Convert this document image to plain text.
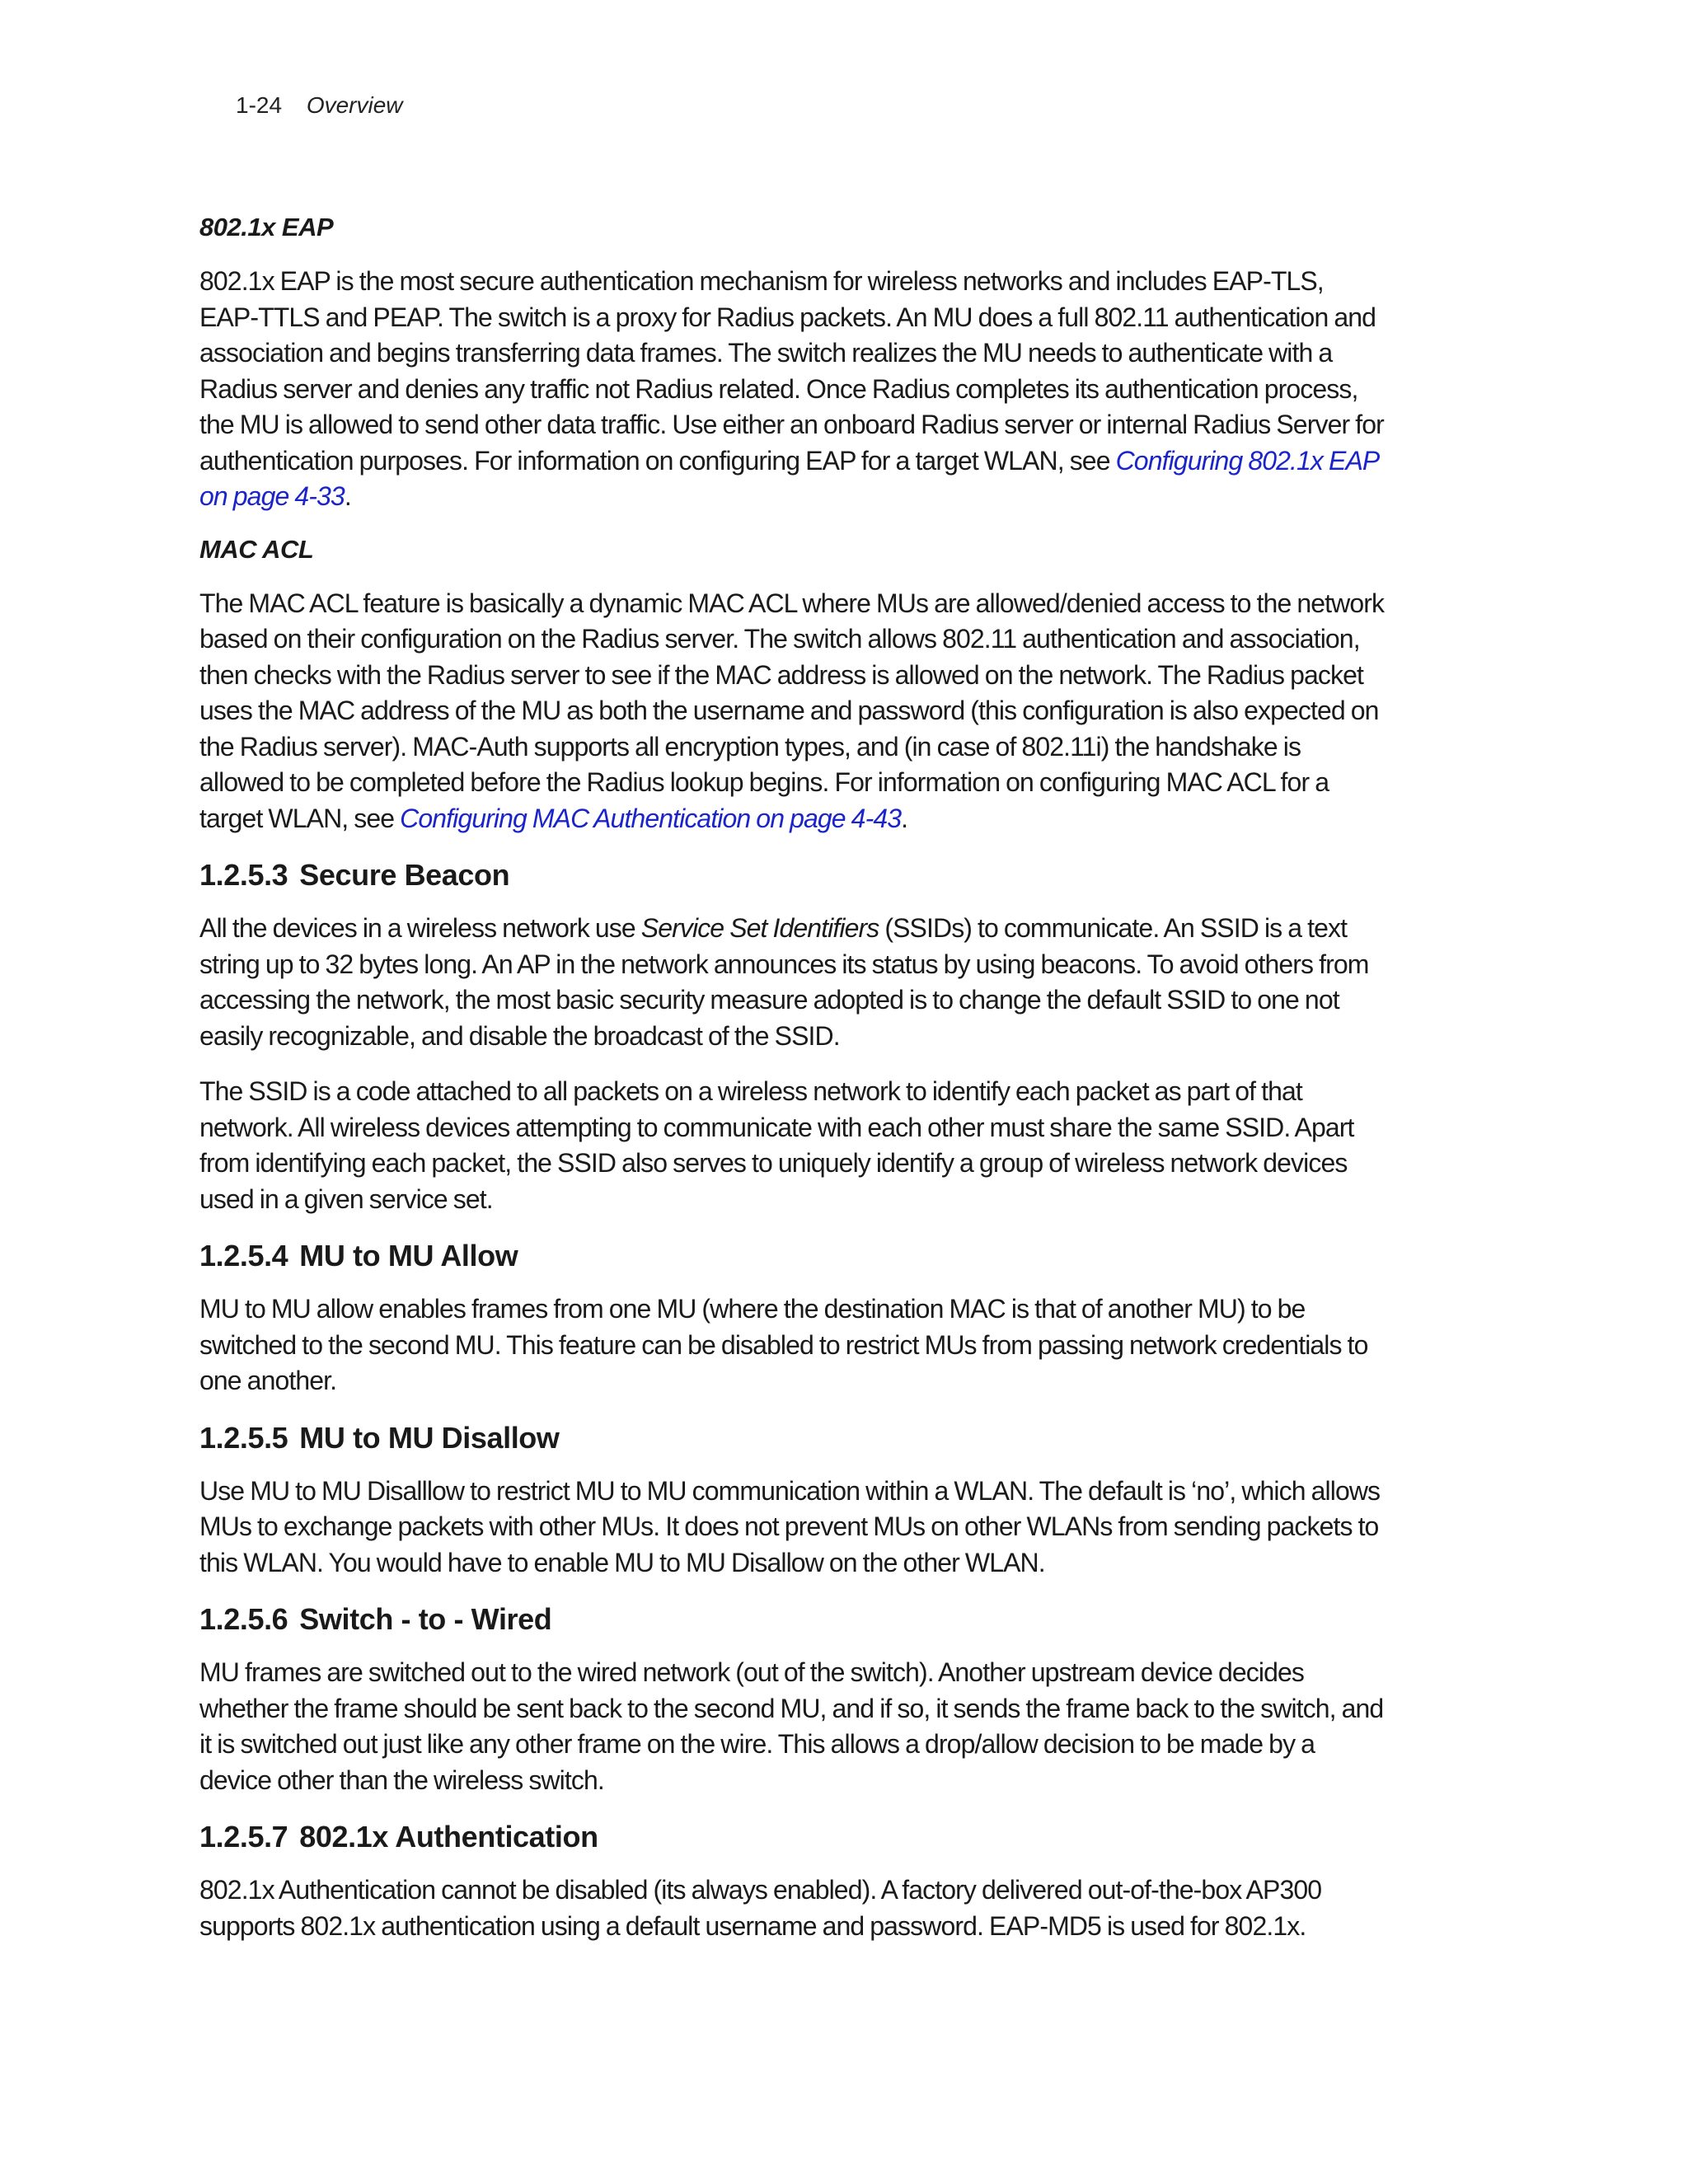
1-24 Overview
802.1x EAP

802.1x EAP is the most secure authentication mechanism for wireless networks and includes EAP-TLS, EAP-TTLS and PEAP. The switch is a proxy for Radius packets. An MU does a full 802.11 authentication and association and begins transferring data frames. The switch realizes the MU needs to authenticate with a Radius server and denies any traffic not Radius related. Once Radius completes its authentication process, the MU is allowed to send other data traffic. Use either an onboard Radius server or internal Radius Server for authentication purposes. For information on configuring EAP for a target WLAN, see Configuring 802.1x EAP on page 4-33.

MAC ACL

The MAC ACL feature is basically a dynamic MAC ACL where MUs are allowed/denied access to the network based on their configuration on the Radius server. The switch allows 802.11 authentication and association, then checks with the Radius server to see if the MAC address is allowed on the network. The Radius packet uses the MAC address of the MU as both the username and password (this configuration is also expected on the Radius server). MAC-Auth supports all encryption types, and (in case of 802.11i) the handshake is allowed to be completed before the Radius lookup begins. For information on configuring MAC ACL for a target WLAN, see Configuring MAC Authentication on page 4-43.

1.2.5.3 Secure Beacon

All the devices in a wireless network use Service Set Identifiers (SSIDs) to communicate. An SSID is a text string up to 32 bytes long. An AP in the network announces its status by using beacons. To avoid others from accessing the network, the most basic security measure adopted is to change the default SSID to one not easily recognizable, and disable the broadcast of the SSID.

The SSID is a code attached to all packets on a wireless network to identify each packet as part of that network. All wireless devices attempting to communicate with each other must share the same SSID. Apart from identifying each packet, the SSID also serves to uniquely identify a group of wireless network devices used in a given service set.

1.2.5.4 MU to MU Allow

MU to MU allow enables frames from one MU (where the destination MAC is that of another MU) to be switched to the second MU. This feature can be disabled to restrict MUs from passing network credentials to one another.

1.2.5.5 MU to MU Disallow

Use MU to MU Disalllow to restrict MU to MU communication within a WLAN. The default is ‘no’, which allows MUs to exchange packets with other MUs. It does not prevent MUs on other WLANs from sending packets to this WLAN. You would have to enable MU to MU Disallow on the other WLAN.

1.2.5.6 Switch - to - Wired

MU frames are switched out to the wired network (out of the switch). Another upstream device decides whether the frame should be sent back to the second MU, and if so, it sends the frame back to the switch, and it is switched out just like any other frame on the wire. This allows a drop/allow decision to be made by a device other than the wireless switch.

1.2.5.7 802.1x Authentication

802.1x Authentication cannot be disabled (its always enabled). A factory delivered out-of-the-box AP300 supports 802.1x authentication using a default username and password. EAP-MD5 is used for 802.1x.
